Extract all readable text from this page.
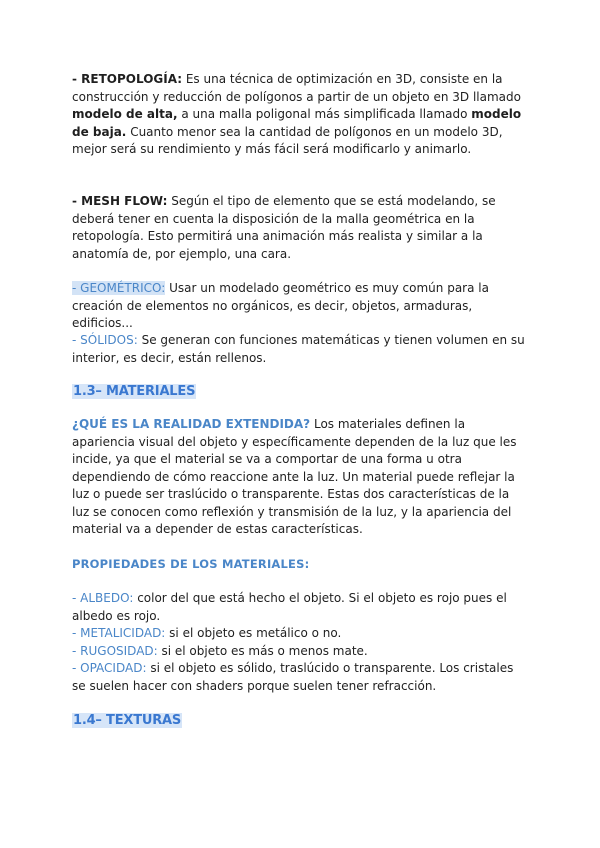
- RETOPOLOGÍA: Es una técnica de optimización en 3D, consiste en la construcción y reducción de polígonos a partir de un objeto en 3D llamado modelo de alta, a una malla poligonal más simplificada llamado modelo de baja. Cuanto menor sea la cantidad de polígonos en un modelo 3D, mejor será su rendimiento y más fácil será modificarlo y animarlo.

- MESH FLOW: Según el tipo de elemento que se está modelando, se deberá tener en cuenta la disposición de la malla geométrica en la retopología. Esto permitirá una animación más realista y similar a la anatomía de, por ejemplo, una cara.

- GEOMÉTRICO: Usar un modelado geométrico es muy común para la creación de elementos no orgánicos, es decir, objetos, armaduras, edificios...

- SÓLIDOS: Se generan con funciones matemáticas y tienen volumen en su interior, es decir, están rellenos.

1.3– MATERIALES

¿QUÉ ES LA REALIDAD EXTENDIDA? Los materiales definen la apariencia visual del objeto y específicamente dependen de la luz que les incide, ya que el material se va a comportar de una forma u otra dependiendo de cómo reaccione ante la luz. Un material puede reflejar la luz o puede ser traslúcido o transparente. Estas dos características de la luz se conocen como reflexión y transmisión de la luz, y la apariencia del material va a depender de estas características.

PROPIEDADES DE LOS MATERIALES:

- ALBEDO: color del que está hecho el objeto. Si el objeto es rojo pues el albedo es rojo.
- METALICIDAD: si el objeto es metálico o no.
- RUGOSIDAD: si el objeto es más o menos mate.
- OPACIDAD: si el objeto es sólido, traslúcido o transparente. Los cristales se suelen hacer con shaders porque suelen tener refracción.

1.4– TEXTURAS
